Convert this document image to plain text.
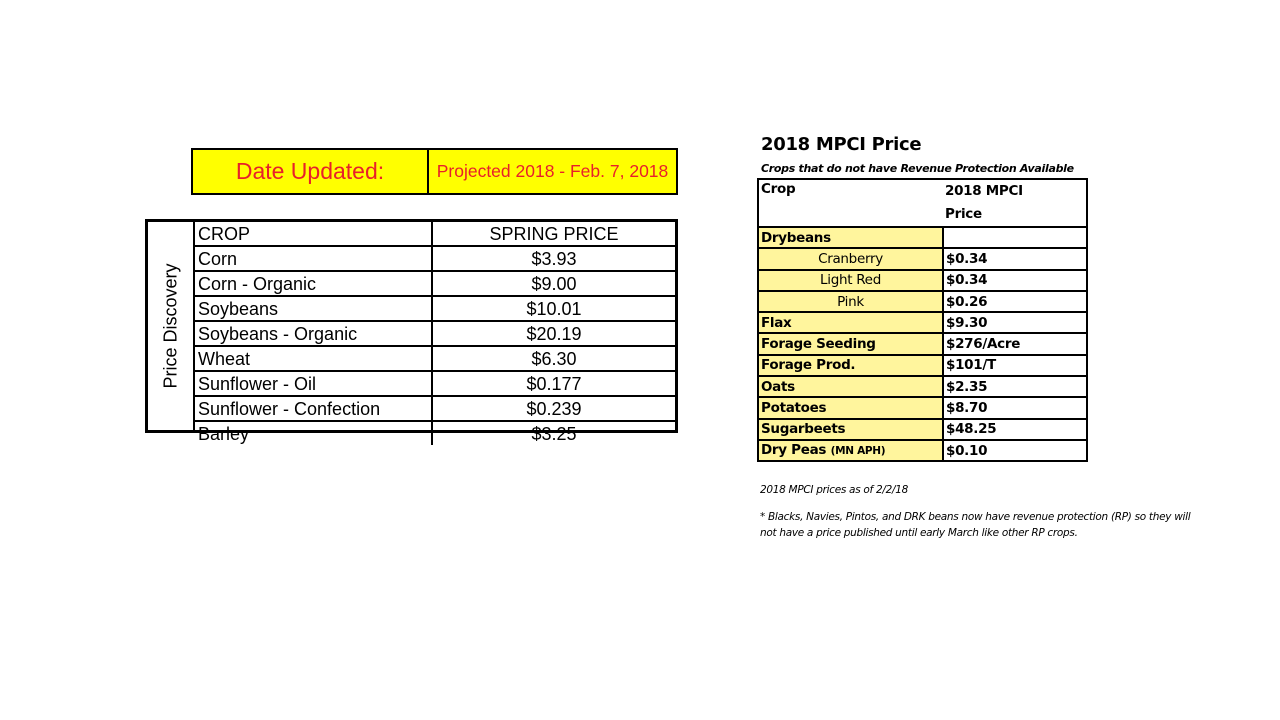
Date Updated:	Projected 2018 - Feb. 7, 2018
Price Discovery
CROP	SPRING PRICE
Corn	$3.93
Corn - Organic	$9.00
Soybeans	$10.01
Soybeans - Organic	$20.19
Wheat	$6.30
Sunflower - Oil	$0.177
Sunflower - Confection	$0.239
Barley	$3.25
2018 MPCI Price
Crops that do not have Revenue Protection Available
Crop	2018 MPCI
Price

Drybeans	
Cranberry	$0.34
Light Red	$0.34
Pink	$0.26
Flax	$9.30
Forage Seeding	$276/Acre
Forage Prod.	$101/T
Oats	$2.35
Potatoes	$8.70
Sugarbeets	$48.25
Dry Peas (MN APH)	$0.10
2018 MPCI prices as of 2/2/18
* Blacks, Navies, Pintos, and DRK beans now have revenue protection (RP) so they will not have a price published until early March like other RP crops.
